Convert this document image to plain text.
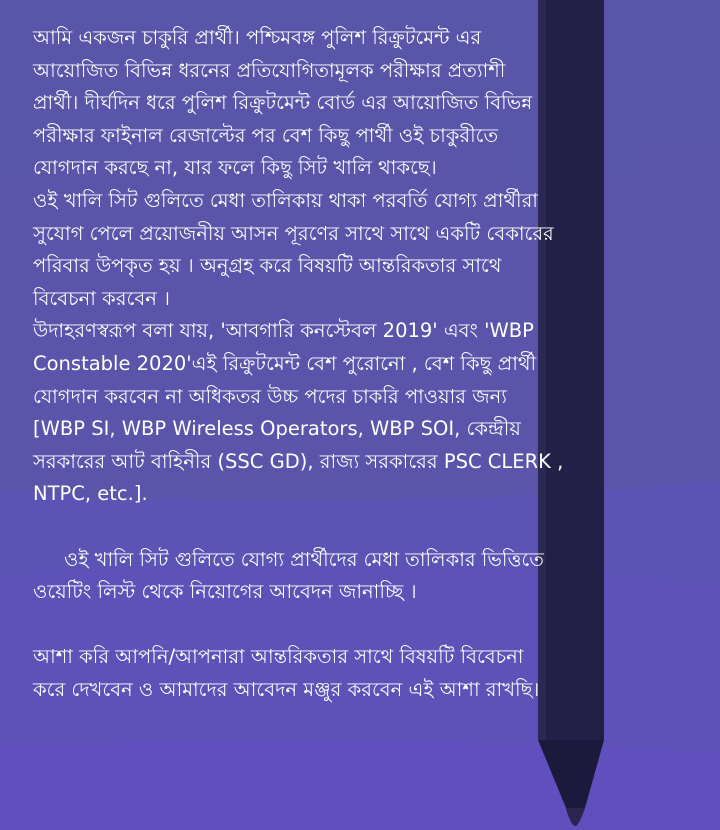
আমি একজন চাকুরি প্রার্থী। পশ্চিমবঙ্গ পুলিশ রিক্রুটমেন্ট এর
আয়োজিত বিভিন্ন ধরনের প্রতিযোগিতামূলক পরীক্ষার প্রত্যাশী
প্রার্থী। দীর্ঘদিন ধরে পুলিশ রিক্রুটমেন্ট বোর্ড এর আয়োজিত বিভিন্ন
পরীক্ষার ফাইনাল রেজাল্টের পর বেশ কিছু পার্থী ওই চাকুরীতে
যোগদান করছে না, যার ফলে কিছু সিট খালি থাকছে।

ওই খালি সিট গুলিতে মেধা তালিকায় থাকা পরবর্তি যোগ্য প্রার্থীরা
সুযোগ পেলে প্রয়োজনীয় আসন পূরণের সাথে সাথে একটি বেকারের
পরিবার উপকৃত হয় । অনুগ্রহ করে বিষয়টি আন্তরিকতার সাথে
বিবেচনা করবেন ।

উদাহরণস্বরূপ বলা যায়, 'আবগারি কনস্টেবল 2019' এবং 'WBP
Constable 2020'এই রিক্রুটমেন্ট বেশ পুরোনো , বেশ কিছু প্রার্থী
যোগদান করবেন না অধিকতর উচ্চ পদের চাকরি পাওয়ার জন্য
[WBP SI, WBP Wireless Operators, WBP SOI, কেন্দ্রীয়
সরকারের আট বাহিনীর (SSC GD), রাজ্য সরকারের PSC CLERK ,
NTPC, etc.].

ওই খালি সিট গুলিতে যোগ্য প্রার্থীদের মেধা তালিকার ভিত্তিতে
ওয়েটিং লিস্ট থেকে নিয়োগের আবেদন জানাচ্ছি ।

আশা করি আপনি/আপনারা আন্তরিকতার সাথে বিষয়টি বিবেচনা
করে দেখবেন ও আমাদের আবেদন মঞ্জুর করবেন এই আশা রাখছি।
